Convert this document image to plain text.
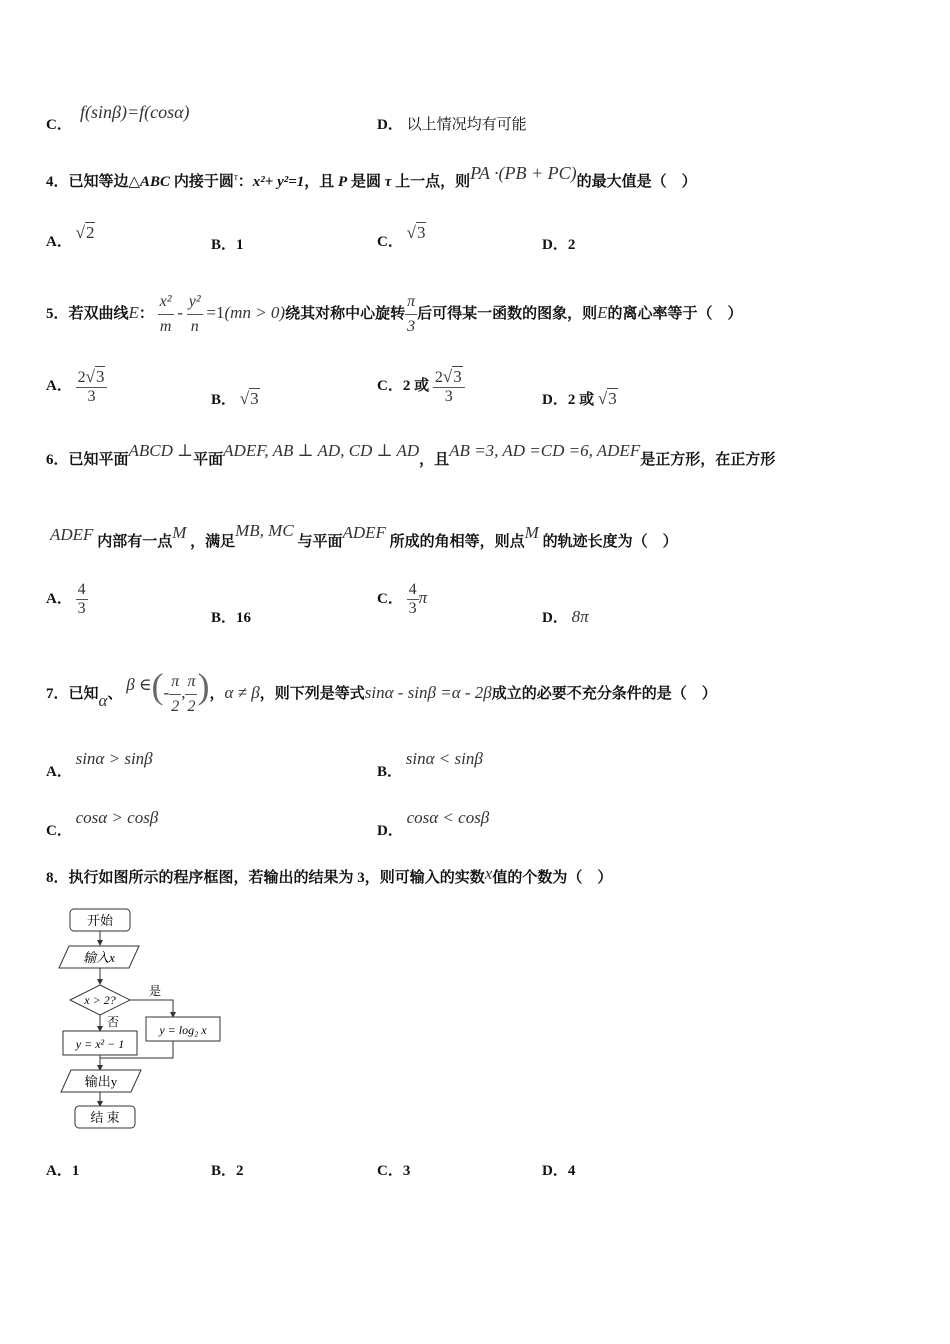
C．
f(sinβ)=f(cosα)
D． 以上情况均有可能
4．已知等边△ABC 内接于圆$^\tau$：x²+ y²=1，且 P 是圆 τ 上一点，则PA ·(PB + PC)的最大值是（　）
A． √2
B．1	C． √3
D．2
5．若双曲线E： $\frac{\text{x²}}{m} - \frac{\text{y²}}{n} =1(mn > 0)$绕其对称中心旋转 $\frac{\pi}{3}$ 后可得某一函数的图象，则E的离心率等于（　）
A． $\frac{2√3}{3}$	B． √3
C．2 或 $\frac{2√3}{3}$	D．2 或 √3
6．已知平面ABCD ⊥平面ADEF, AB ⊥ AD, CD ⊥ AD，且AB =3, AD =CD =6, ADEF是正方形，在正方形
ADEF 内部有一点M ，满足MB, MC 与平面ADEF 所成的角相等，则点M 的轨迹长度为（　）
A． $\frac{4}{3}$	B．16
C． $\frac{4}{3}$ π
D． 8π
7．已知α、 β ∈(- $\frac{\pi}{2}$ , $\frac{\pi}{2}$ )，α ≠ β，则下列是等式sinα - sinβ =α - 2β成立的必要不充分条件的是（　）
A． sinα > sinβ
B． sinα < sinβ
C． cosα > cosβ
D． cosα < cosβ
8．执行如图所示的程序框图，若输出的结果为 3，则可输入的实数x值的个数为（　）
开始
输入x
x > 2?
是
y = log₂ x
否
y = x² − 1
输出y
结 束
A．1	B．2	C．3	D．4
